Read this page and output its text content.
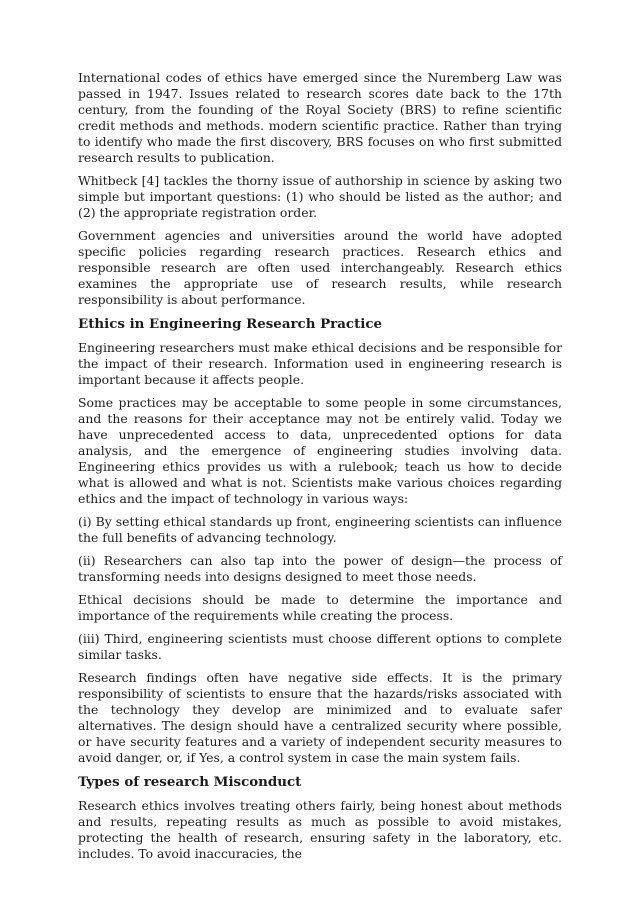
International codes of ethics have emerged since the Nuremberg Law was passed in 1947. Issues related to research scores date back to the 17th century, from the founding of the Royal Society (BRS) to refine scientific credit methods and methods. modern scientific practice. Rather than trying to identify who made the first discovery, BRS focuses on who first submitted research results to publication.

Whitbeck [4] tackles the thorny issue of authorship in science by asking two simple but important questions: (1) who should be listed as the author; and (2) the appropriate registration order.

Government agencies and universities around the world have adopted specific policies regarding research practices. Research ethics and responsible research are often used interchangeably. Research ethics examines the appropriate use of research results, while research responsibility is about performance.

Ethics in Engineering Research Practice

Engineering researchers must make ethical decisions and be responsible for the impact of their research. Information used in engineering research is important because it affects people.

Some practices may be acceptable to some people in some circumstances, and the reasons for their acceptance may not be entirely valid. Today we have unprecedented access to data, unprecedented options for data analysis, and the emergence of engineering studies involving data. Engineering ethics provides us with a rulebook; teach us how to decide what is allowed and what is not. Scientists make various choices regarding ethics and the impact of technology in various ways:

(i) By setting ethical standards up front, engineering scientists can influence the full benefits of advancing technology.

(ii) Researchers can also tap into the power of design—the process of transforming needs into designs designed to meet those needs.

Ethical decisions should be made to determine the importance and importance of the requirements while creating the process.

(iii) Third, engineering scientists must choose different options to complete similar tasks.

Research findings often have negative side effects. It is the primary responsibility of scientists to ensure that the hazards/risks associated with the technology they develop are minimized and to evaluate safer alternatives. The design should have a centralized security where possible, or have security features and a variety of independent security measures to avoid danger, or, if Yes, a control system in case the main system fails.

Types of research Misconduct

Research ethics involves treating others fairly, being honest about methods and results, repeating results as much as possible to avoid mistakes, protecting the health of research, ensuring safety in the laboratory, etc. includes. To avoid inaccuracies, the
